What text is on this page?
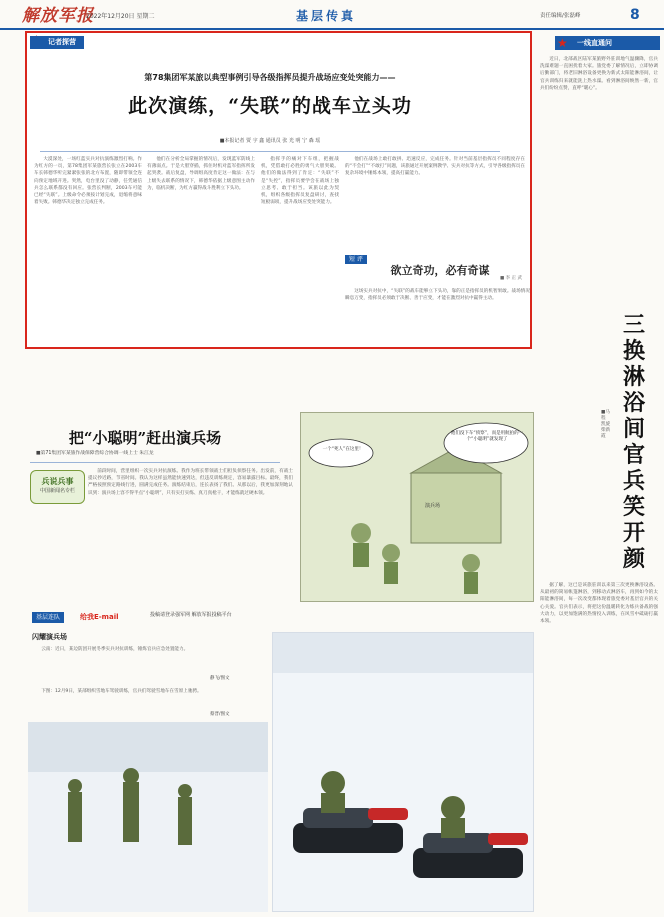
解放军报
2022年12月20日 星期二	基层传真	责任编辑/张磊峰	8
记者探营
第78集团军某旅以典型事例引导各级指挥员提升战场应变处突能力——
此次演练，“失联”的战车立头功
■本报记者 贾 宇 鑫 通讯员 张 光 明 宁 森 瑶

大漠深处，一场红蓝实兵对抗演练激烈打响。作为红方的一员，第78集团军某旅营长张立在2003车车长韩德华听完紧紧张张的北方布置，随即带领全连向预定地域开进。突然，电台里没了动静，任凭通信兵怎么联系都没有回应。张营长判断，2003车可能已经“失联”。上级命令必须按计划完成，退缩将意味着失败。韩德华决定独立完成任务。

他们在分析全局掌握的情况后，发现蓝军防线上有薄弱点。于是大胆穿插，抓住时机对蓝军指挥所发起突袭。战后复盘，导调组高度肯定这一做法：在与上级失去联系的情况下，韩德华依据上级意图主动作为，临机决断，为红方赢得战斗胜利立下头功。

指挥手的痛对下车组，把握战机，凭借敢打必胜的勇气大胆突破。他们的做法得到了肯定：“失联”不是“失控”，指挥员要学会在战场上独立思考、敢于担当。该旅以此为契机，组织各级指挥员复盘研讨，查找短板弱项，提升战场应变处突能力。

他们在战场上敢打敢拼、迅速反应，完成任务。针对当前基层指挥员不同程度存在的“不会打”“不敢打”问题，该旅通过开展案例教学、实兵对抗等方式，引导各级指挥员在复杂环境中锤炼本领，提高打赢能力。

短 评
欲立奇功，必有奇谋
■ 李 正 武

这场实兵对抗中，“失联”的战车能够立下头功，靠的正是指挥员的机智果敢。战场情况瞬息万变，指挥员必须敢于决断、善于应变，才能在激烈对抗中赢得主动。

一线直通问
★

近日，北部战区陆军某旅野外驻训地气温骤降，官兵洗澡难题一直困扰着大家。旅党委了解情况后，立即协调后勤部门，将老旧淋浴设备更换为新式太阳能淋浴间，让官兵训练归来就能洗上热水澡。看到淋浴间焕然一新，官兵们纷纷点赞，直呼“暖心”。

三换淋浴间 官兵笑开颜
■马程 凯旋 柴新霞

据了解，这已是该旅驻训以来第三次更换淋浴设备。从最初的简易帐篷淋浴，到移动式淋浴车，再到如今的太阳能淋浴间，每一次改变都体现着旅党委对基层官兵的关心关爱。官兵们表示，将把这份温暖转化为练兵备战的强大动力，以更加饱满的热情投入训练，在风雪中砥砺打赢本领。

把“小聪明”赶出演兵场
■第71集团军某旅作战保障营综合协调一线上士 朱江龙
兵说兵事
中国新闻名专栏

前段时间，营里组织一次实兵对抗演练。我作为班长带领战士们担负侦察任务。出发前，有战士提议抄近路，节省时间。我认为这样虽然能快速到达，但违反训练规定，容易暴露目标。最终，我们严格按照预定路线行进，圆满完成任务。演练结束后，连长表扬了我们。从那以后，我更加深刻地认识到：演兵场上容不得半点“小聪明”，只有实打实练、真刀真枪干，才能练就过硬本领。

一个“死人”在这里！
他们没下车“侦察”，而是用航拍的一个“小聪明”就发现了
演兵场
基层连队	给我E-mail	投稿请登录强军网 解放军报投稿平台
闪耀演兵场

云南：近日，某边防团开展冬季实兵对抗训练，锤炼官兵应急处置能力。

静飞/图文

下图：12月9日，某部组织雪地车驾驶训练，官兵们驾驶雪地车在雪原上驰骋。

蔡晋/图文
